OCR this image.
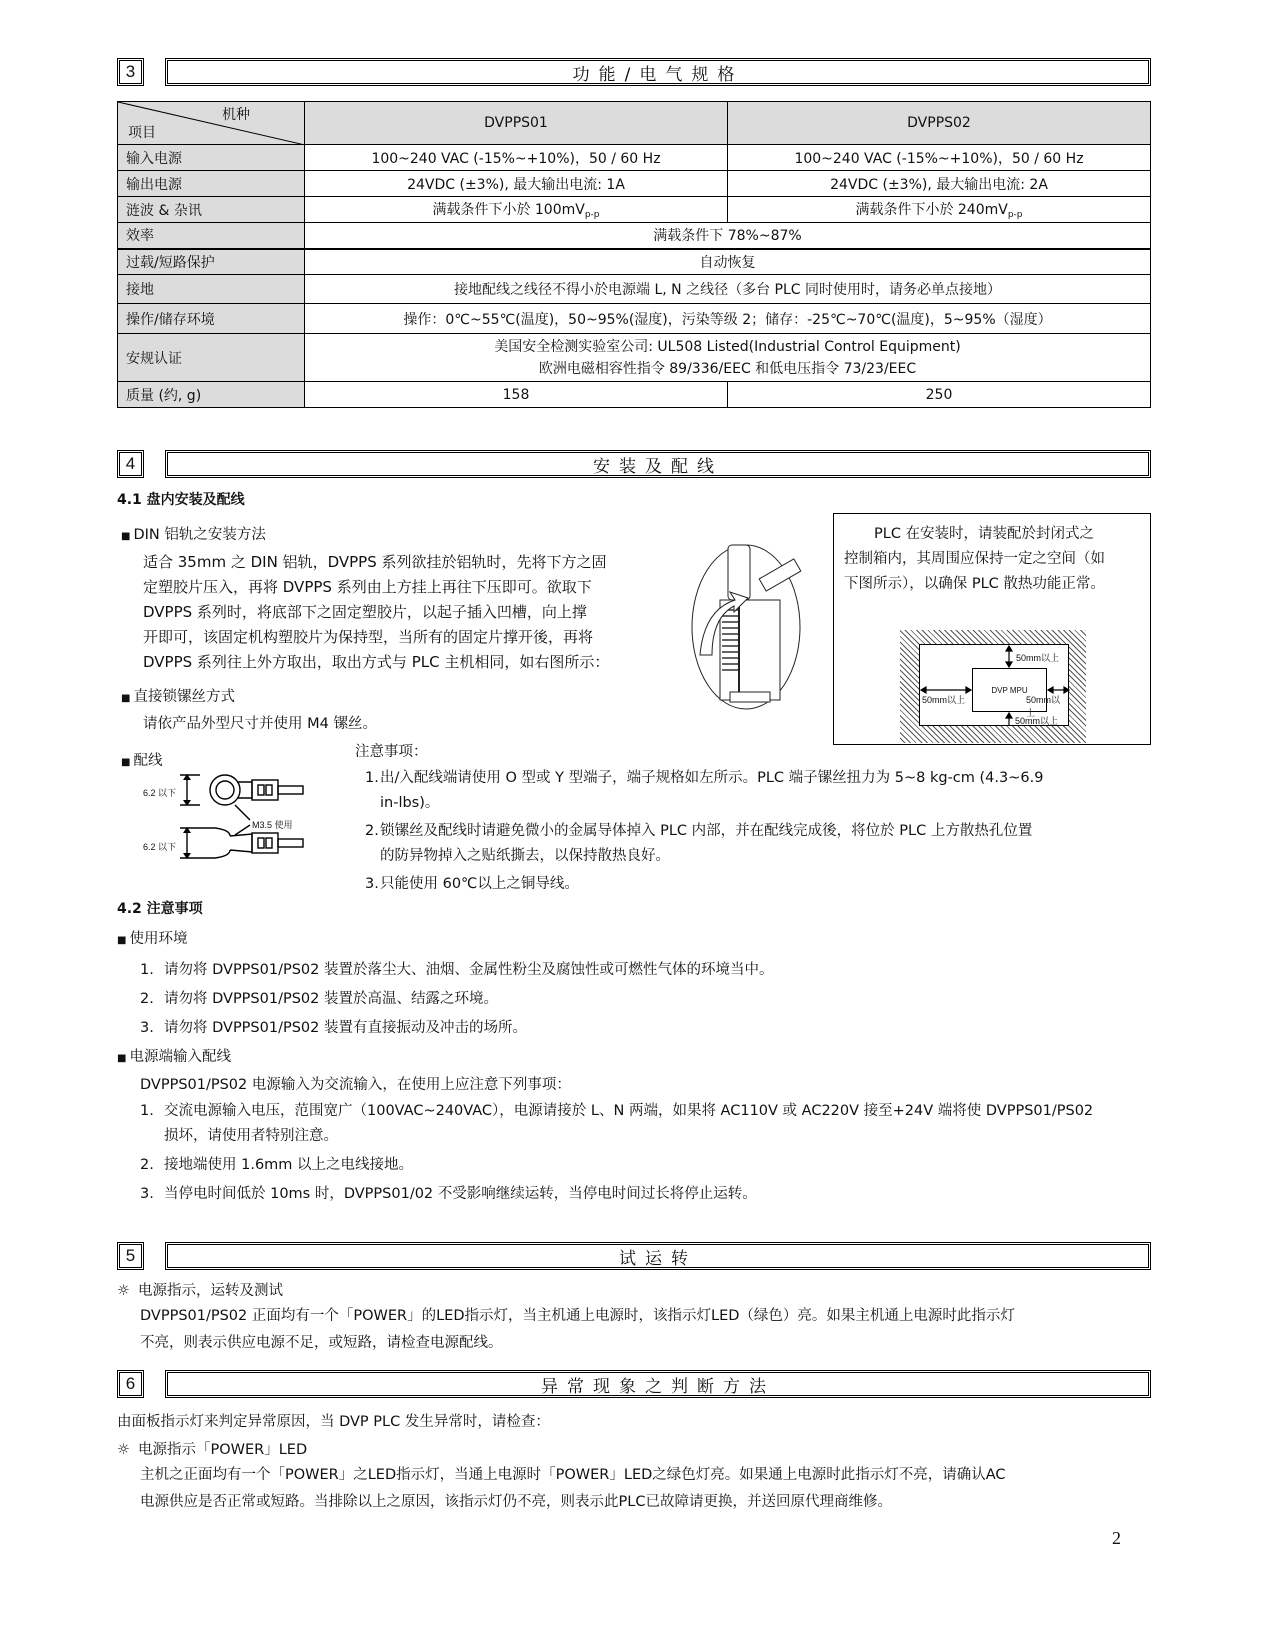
3	功能/电气规格
机种
项目	DVPPS01	DVPPS02
输入电源	100~240 VAC (-15%~+10%)，50 / 60 Hz	100~240 VAC (-15%~+10%)，50 / 60 Hz
输出电源	24VDC (±3%), 最大输出电流: 1A	24VDC (±3%), 最大输出电流: 2A
涟波 & 杂讯	满载条件下小於 $100mV_{p-p}$	满载条件下小於 $240mV_{p-p}$
效率	满载条件下 78%~87%	
过载/短路保护	自动恢复	
接地	接地配线之线径不得小於电源端 L, N 之线径（多台 PLC 同时使用时，请务必单点接地）	
操作/储存环境	操作：0℃~55℃(温度)，50~95%(湿度)，污染等级 2；储存：-25℃~70℃(温度)，5~95%（湿度）	
安规认证	美国安全检测实验室公司: UL508 Listed(Industrial Control Equipment)
欧洲电磁相容性指令 89/336/EEC 和低电压指令 73/23/EEC	

质量 (约, g)	158	250
4	安装及配线
4.1 盘内安装及配线
■ DIN 铝轨之安装方法
适合 35mm 之 DIN 铝轨，DVPPS 系列欲挂於铝轨时，先将下方之固
定塑胶片压入，再将 DVPPS 系列由上方挂上再往下压即可。欲取下
DVPPS 系列时，将底部下之固定塑胶片，以起子插入凹槽，向上撑
开即可，该固定机构塑胶片为保持型，当所有的固定片撑开後，再将
DVPPS 系列往上外方取出，取出方式与 PLC 主机相同，如右图所示：
PLC 在安装时，请装配於封闭式之
控制箱内，其周围应保持一定之空间（如
下图所示），以确保 PLC 散热功能正常。
DVP MPU
50mm以上
50mm以上	50mm以上
50mm以上
■ 直接锁镙丝方式
请依产品外型尺寸并使用 M4 镙丝。
■ 配线
6.2 以下
M3.5 使用
6.2 以下
注意事项：
1. 出/入配线端请使用 O 型或 Y 型端子，端子规格如左所示。PLC 端子镙丝扭力为 5~8 kg-cm (4.3~6.9
in-lbs)。
2. 锁镙丝及配线时请避免微小的金属导体掉入 PLC 内部，并在配线完成後，将位於 PLC 上方散热孔位置
的防异物掉入之贴纸撕去，以保持散热良好。
3. 只能使用 60℃以上之铜导线。
4.2 注意事项
■ 使用环境
1. 请勿将 DVPPS01/PS02 装置於落尘大、油烟、金属性粉尘及腐蚀性或可燃性气体的环境当中。
2. 请勿将 DVPPS01/PS02 装置於高温、结露之环境。
3. 请勿将 DVPPS01/PS02 装置有直接振动及冲击的场所。
■ 电源端输入配线
DVPPS01/PS02 电源输入为交流输入，在使用上应注意下列事项：
1. 交流电源输入电压，范围宽广（100VAC~240VAC），电源请接於 L、N 两端，如果将 AC110V 或 AC220V 接至+24V 端将使 DVPPS01/PS02
损坏，请使用者特别注意。
2. 接地端使用 1.6mm 以上之电线接地。
3. 当停电时间低於 10ms 时，DVPPS01/02 不受影响继续运转，当停电时间过长将停止运转。
5	试运转
☼ 电源指示，运转及测试
DVPPS01/PS02 正面均有一个「POWER」的LED指示灯，当主机通上电源时，该指示灯LED（绿色）亮。如果主机通上电源时此指示灯
不亮，则表示供应电源不足，或短路，请检查电源配线。
6	异常现象之判断方法
由面板指示灯来判定异常原因，当 DVP PLC 发生异常时，请检查：
☼ 电源指示「POWER」LED
主机之正面均有一个「POWER」之LED指示灯，当通上电源时「POWER」LED之绿色灯亮。如果通上电源时此指示灯不亮，请确认AC
电源供应是否正常或短路。当排除以上之原因，该指示灯仍不亮，则表示此PLC已故障请更换，并送回原代理商维修。
2
